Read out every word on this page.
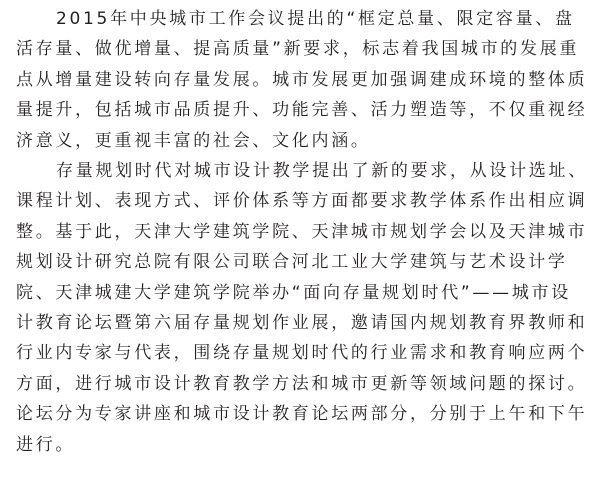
2015年中央城市工作会议提出的“框定总量、限定容量、盘活存量、做优增量、提高质量”新要求，标志着我国城市的发展重点从增量建设转向存量发展。城市发展更加强调建成环境的整体质量提升，包括城市品质提升、功能完善、活力塑造等，不仅重视经济意义，更重视丰富的社会、文化内涵。

存量规划时代对城市设计教学提出了新的要求，从设计选址、课程计划、表现方式、评价体系等方面都要求教学体系作出相应调整。基于此，天津大学建筑学院、天津城市规划学会以及天津城市规划设计研究总院有限公司联合河北工业大学建筑与艺术设计学院、天津城建大学建筑学院举办“面向存量规划时代”——城市设计教育论坛暨第六届存量规划作业展，邀请国内规划教育界教师和行业内专家与代表，围绕存量规划时代的行业需求和教育响应两个方面，进行城市设计教育教学方法和城市更新等领域问题的探讨。论坛分为专家讲座和城市设计教育论坛两部分，分别于上午和下午进行。
